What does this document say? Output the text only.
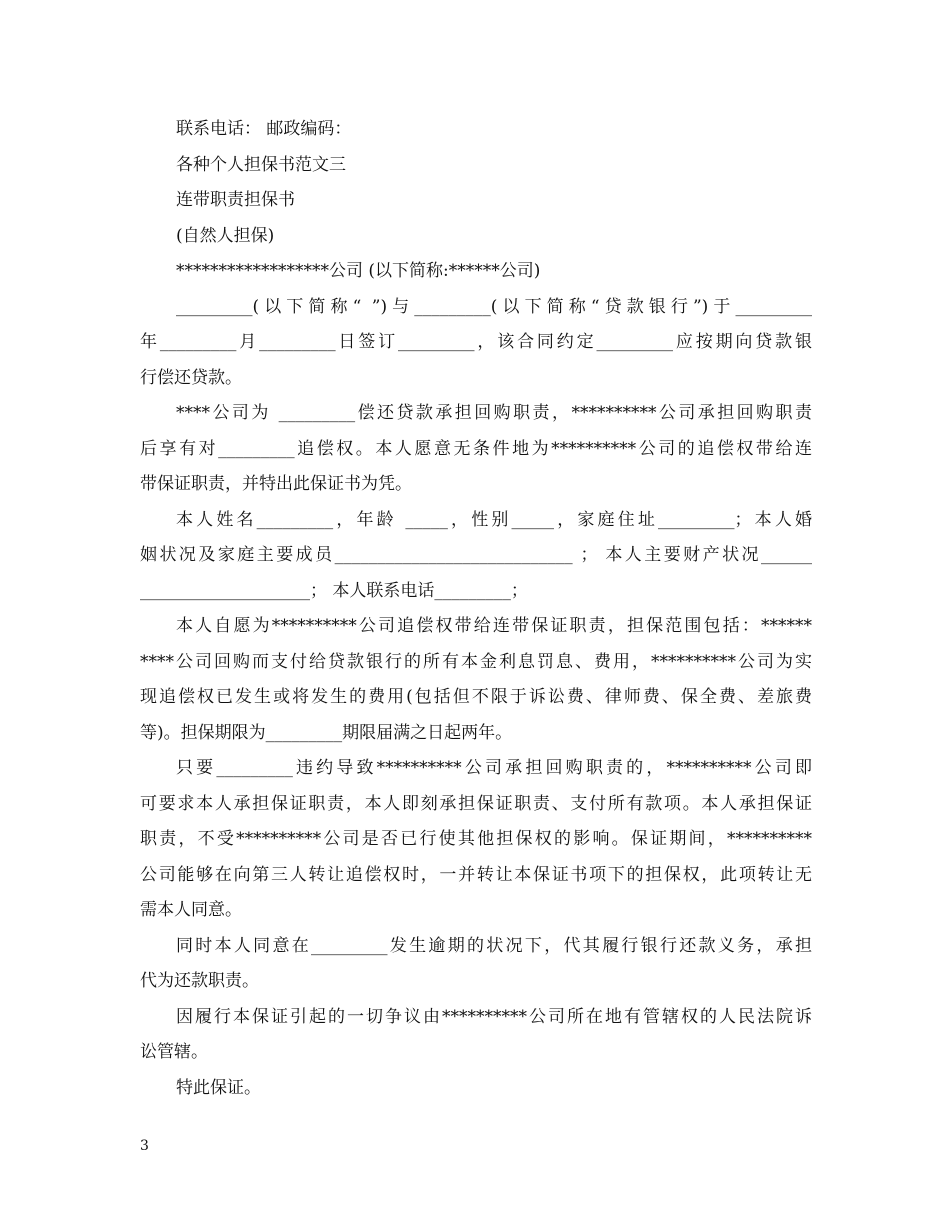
联系电话： 邮政编码：

各种个人担保书范文三

连带职责担保书

(自然人担保)

******************公司 (以下简称:******公司)

_________(以下简称“ ”)与_________(以下简称“贷款银行”)于_________

年_________月_________日签订_________，该合同约定_________应按期向贷款银

行偿还贷款。

****公司为 _________偿还贷款承担回购职责，**********公司承担回购职责

后享有对_________追偿权。本人愿意无条件地为**********公司的追偿权带给连

带保证职责，并特出此保证书为凭。

本人姓名_________，年龄 _____，性别_____，家庭住址_________；本人婚

姻状况及家庭主要成员____________________________ ； 本人主要财产状况______

____________________； 本人联系电话_________；

本人自愿为**********公司追偿权带给连带保证职责，担保范围包括：******

****公司回购而支付给贷款银行的所有本金利息罚息、费用，**********公司为实

现追偿权已发生或将发生的费用(包括但不限于诉讼费、律师费、保全费、差旅费

等)。担保期限为_________期限届满之日起两年。

只要_________违约导致**********公司承担回购职责的，**********公司即

可要求本人承担保证职责，本人即刻承担保证职责、支付所有款项。本人承担保证

职责，不受**********公司是否已行使其他担保权的影响。保证期间，**********

公司能够在向第三人转让追偿权时，一并转让本保证书项下的担保权，此项转让无

需本人同意。

同时本人同意在_________发生逾期的状况下，代其履行银行还款义务，承担

代为还款职责。

因履行本保证引起的一切争议由**********公司所在地有管辖权的人民法院诉

讼管辖。

特此保证。

3
